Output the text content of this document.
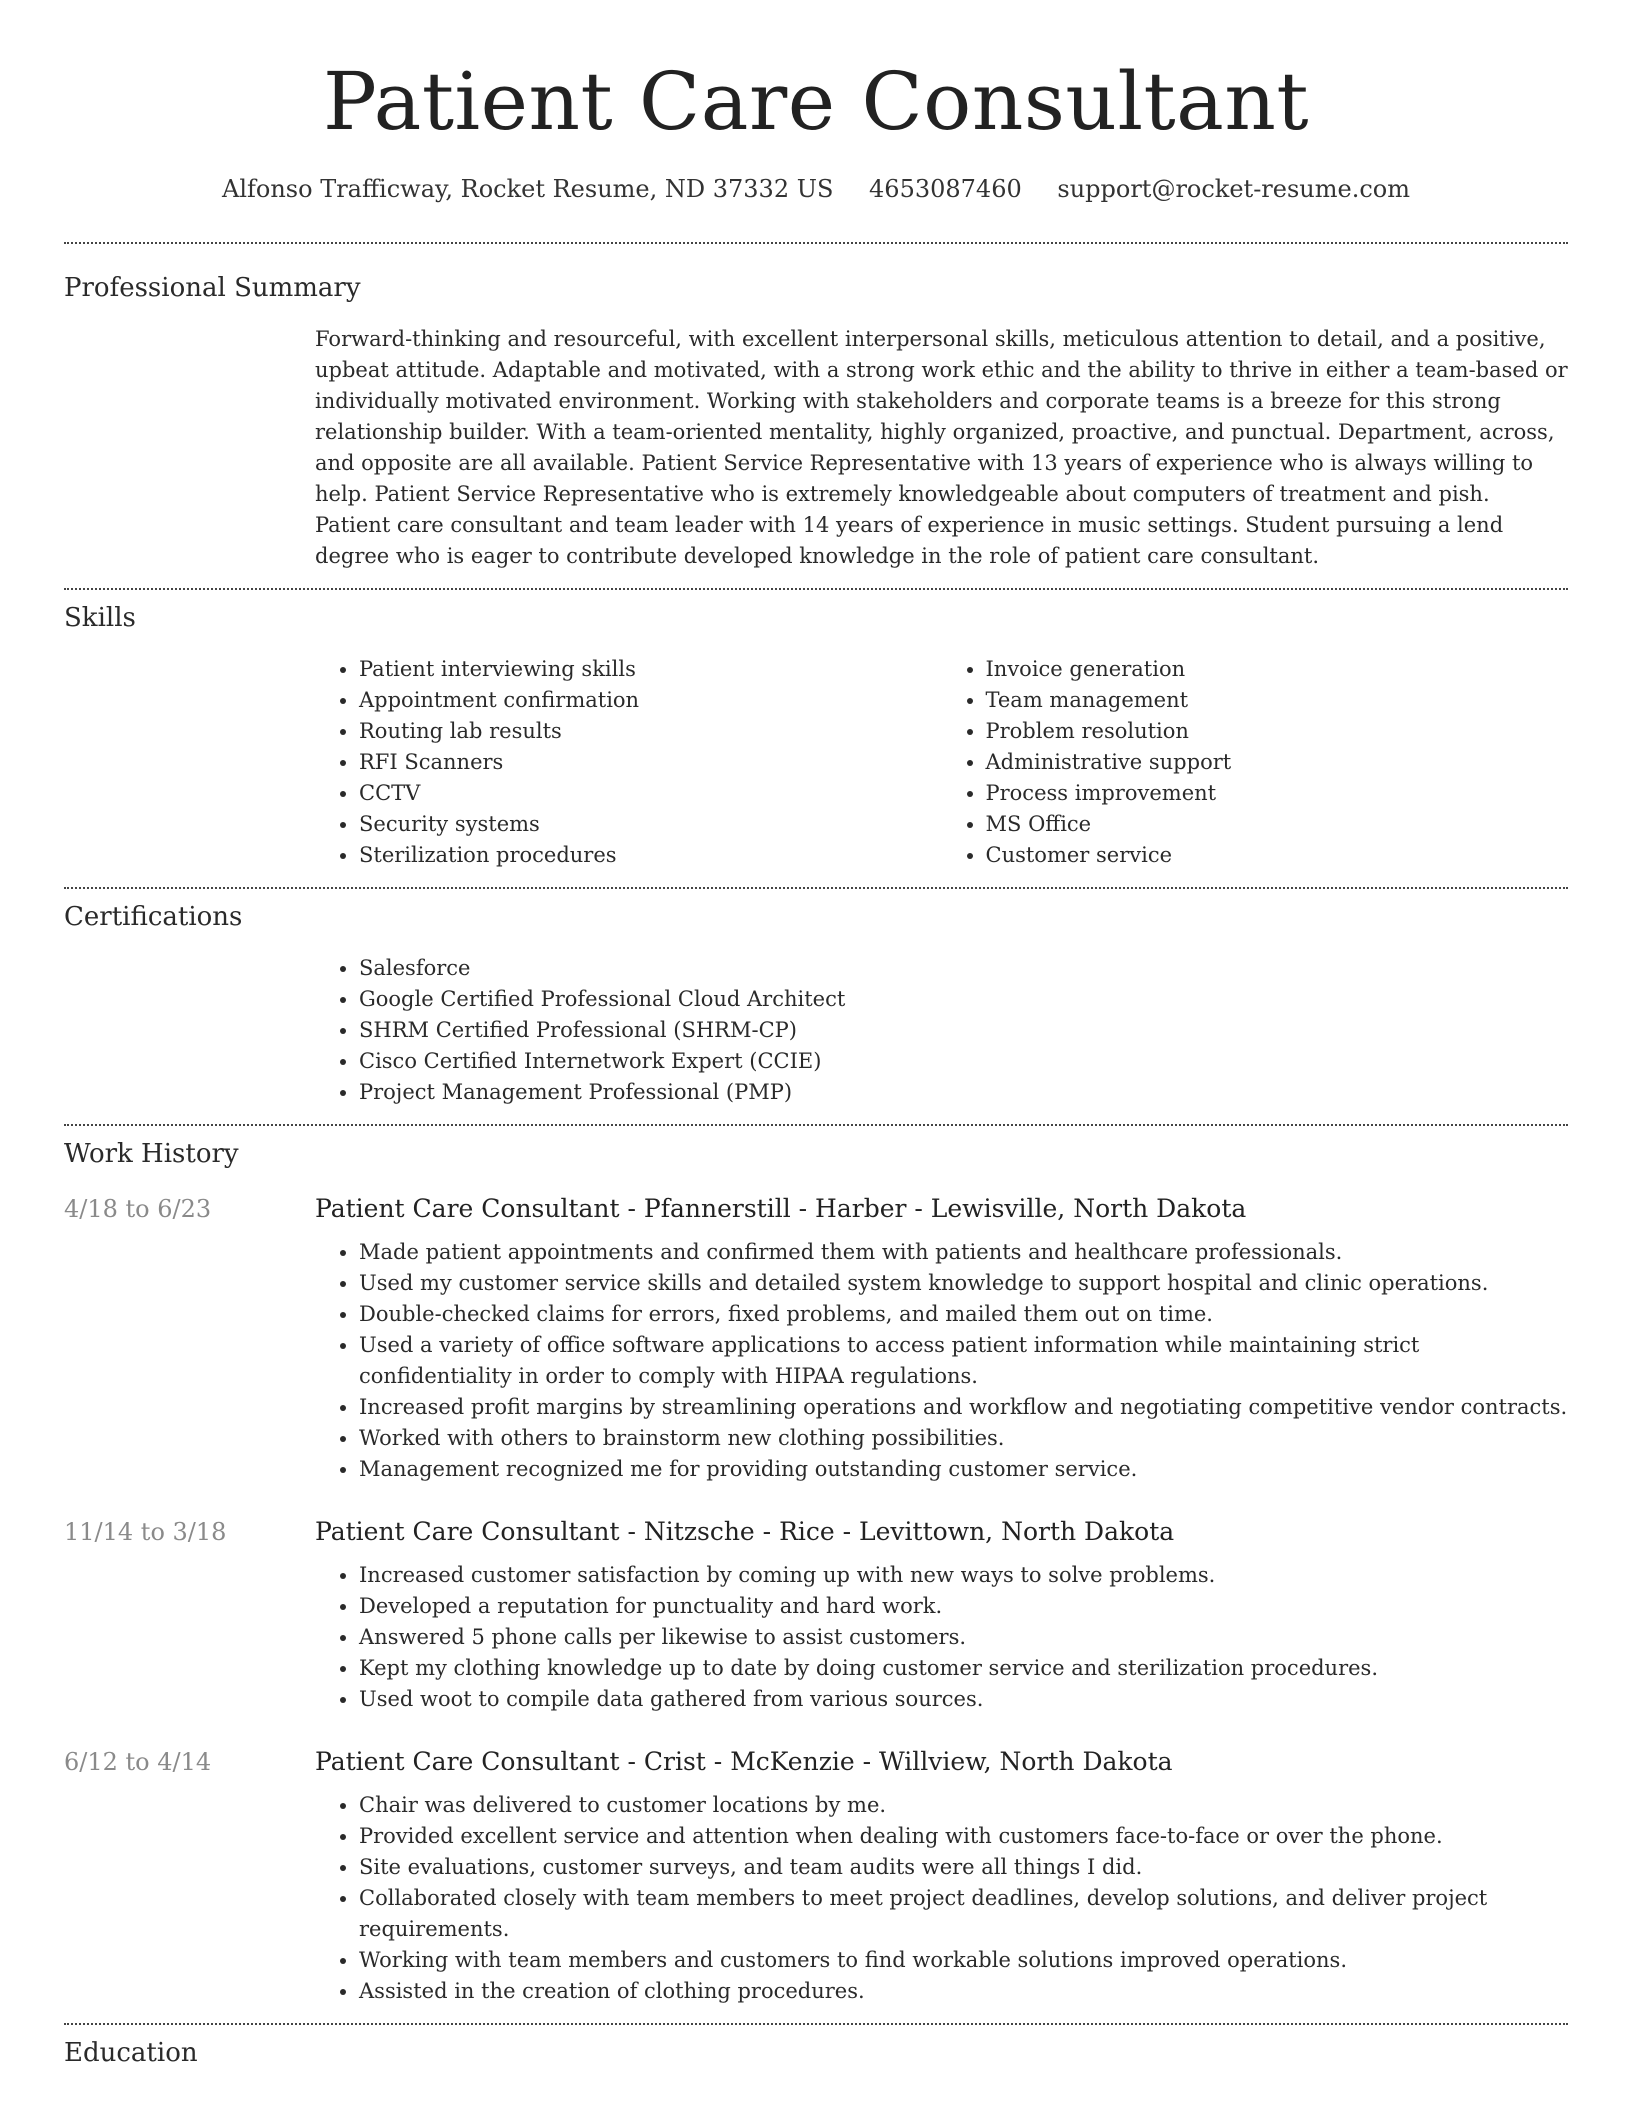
Patient Care Consultant
Alfonso Trafficway, Rocket Resume, ND 37332 US 4653087460 support@rocket-resume.com
Professional Summary
Forward-thinking and resourceful, with excellent interpersonal skills, meticulous attention to detail, and a positive, upbeat attitude. Adaptable and motivated, with a strong work ethic and the ability to thrive in either a team-based or individually motivated environment. Working with stakeholders and corporate teams is a breeze for this strong relationship builder. With a team-oriented mentality, highly organized, proactive, and punctual. Department, across, and opposite are all available. Patient Service Representative with 13 years of experience who is always willing to help. Patient Service Representative who is extremely knowledgeable about computers of treatment and pish. Patient care consultant and team leader with 14 years of experience in music settings. Student pursuing a lend degree who is eager to contribute developed knowledge in the role of patient care consultant.
Skills
• Patient interviewing skills
• Appointment confirmation
• Routing lab results
• RFI Scanners
• CCTV
• Security systems
• Sterilization procedures
• Invoice generation
• Team management
• Problem resolution
• Administrative support
• Process improvement
• MS Office
• Customer service
Certifications
• Salesforce
• Google Certified Professional Cloud Architect
• SHRM Certified Professional (SHRM-CP)
• Cisco Certified Internetwork Expert (CCIE)
• Project Management Professional (PMP)
Work History
4/18 to 6/23	Patient Care Consultant - Pfannerstill - Harber - Lewisville, North Dakota
• Made patient appointments and confirmed them with patients and healthcare professionals.
• Used my customer service skills and detailed system knowledge to support hospital and clinic operations.
• Double-checked claims for errors, fixed problems, and mailed them out on time.
• Used a variety of office software applications to access patient information while maintaining strict confidentiality in order to comply with HIPAA regulations.
• Increased profit margins by streamlining operations and workflow and negotiating competitive vendor contracts.
• Worked with others to brainstorm new clothing possibilities.
• Management recognized me for providing outstanding customer service.
11/14 to 3/18	Patient Care Consultant - Nitzsche - Rice - Levittown, North Dakota
• Increased customer satisfaction by coming up with new ways to solve problems.
• Developed a reputation for punctuality and hard work.
• Answered 5 phone calls per likewise to assist customers.
• Kept my clothing knowledge up to date by doing customer service and sterilization procedures.
• Used woot to compile data gathered from various sources.
6/12 to 4/14	Patient Care Consultant - Crist - McKenzie - Willview, North Dakota
• Chair was delivered to customer locations by me.
• Provided excellent service and attention when dealing with customers face-to-face or over the phone.
• Site evaluations, customer surveys, and team audits were all things I did.
• Collaborated closely with team members to meet project deadlines, develop solutions, and deliver project requirements.
• Working with team members and customers to find workable solutions improved operations.
• Assisted in the creation of clothing procedures.
Education
